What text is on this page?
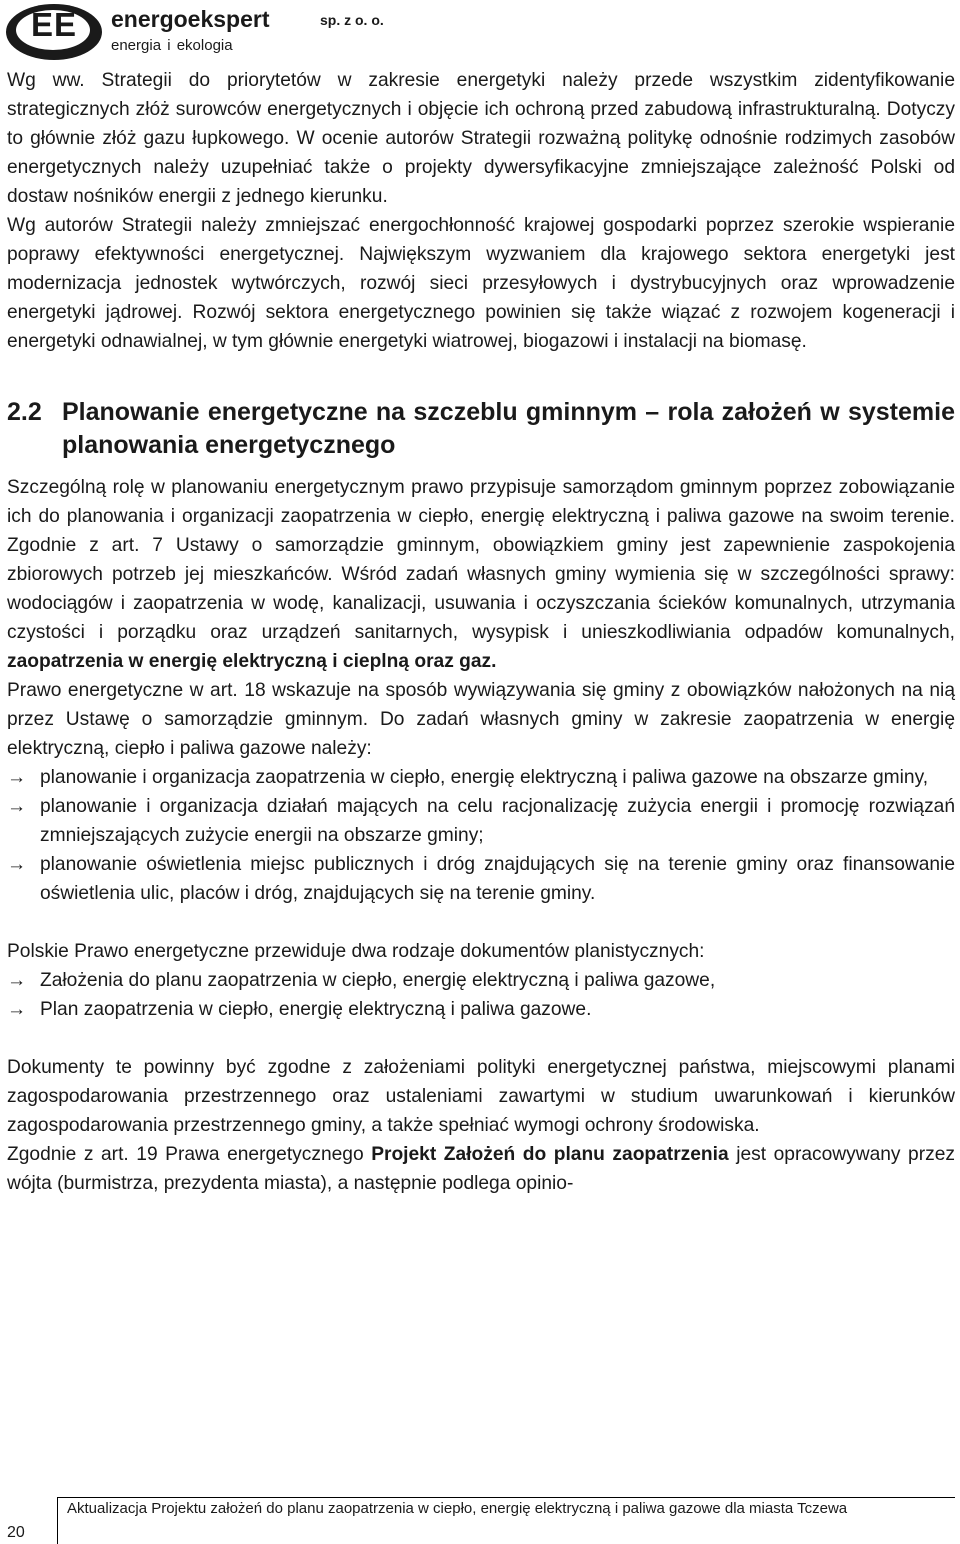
EE	energoekspert	sp. z o. o.
energia i ekologia

Wg ww. Strategii do priorytetów w zakresie energetyki należy przede wszystkim zidentyfikowanie strategicznych złóż surowców energetycznych i objęcie ich ochroną przed zabudową infrastrukturalną. Dotyczy to głównie złóż gazu łupkowego. W ocenie autorów Strategii rozważną politykę odnośnie rodzimych zasobów energetycznych należy uzupełniać także o projekty dywersyfikacyjne zmniejszające zależność Polski od dostaw nośników energii z jednego kierunku.

Wg autorów Strategii należy zmniejszać energochłonność krajowej gospodarki poprzez szerokie wspieranie poprawy efektywności energetycznej. Największym wyzwaniem dla krajowego sektora energetyki jest modernizacja jednostek wytwórczych, rozwój sieci przesyłowych i dystrybucyjnych oraz wprowadzenie energetyki jądrowej. Rozwój sektora energetycznego powinien się także wiązać z rozwojem kogeneracji i energetyki odnawialnej, w tym głównie energetyki wiatrowej, biogazowi i instalacji na biomasę.

2.2 Planowanie energetyczne na szczeblu gminnym – rola założeń w systemie planowania energetycznego

Szczególną rolę w planowaniu energetycznym prawo przypisuje samorządom gminnym poprzez zobowiązanie ich do planowania i organizacji zaopatrzenia w ciepło, energię elektryczną i paliwa gazowe na swoim terenie. Zgodnie z art. 7 Ustawy o samorządzie gminnym, obowiązkiem gminy jest zapewnienie zaspokojenia zbiorowych potrzeb jej mieszkańców. Wśród zadań własnych gminy wymienia się w szczególności sprawy: wodociągów i zaopatrzenia w wodę, kanalizacji, usuwania i oczyszczania ścieków komunalnych, utrzymania czystości i porządku oraz urządzeń sanitarnych, wysypisk i unieszkodliwiania odpadów komunalnych, zaopatrzenia w energię elektryczną i cieplną oraz gaz.

Prawo energetyczne w art. 18 wskazuje na sposób wywiązywania się gminy z obowiązków nałożonych na nią przez Ustawę o samorządzie gminnym. Do zadań własnych gminy w zakresie zaopatrzenia w energię elektryczną, ciepło i paliwa gazowe należy:

→ planowanie i organizacja zaopatrzenia w ciepło, energię elektryczną i paliwa gazowe na obszarze gminy,
→ planowanie i organizacja działań mających na celu racjonalizację zużycia energii i promocję rozwiązań zmniejszających zużycie energii na obszarze gminy;
→ planowanie oświetlenia miejsc publicznych i dróg znajdujących się na terenie gminy oraz finansowanie oświetlenia ulic, placów i dróg, znajdujących się na terenie gminy.

Polskie Prawo energetyczne przewiduje dwa rodzaje dokumentów planistycznych:

→ Założenia do planu zaopatrzenia w ciepło, energię elektryczną i paliwa gazowe,
→ Plan zaopatrzenia w ciepło, energię elektryczną i paliwa gazowe.

Dokumenty te powinny być zgodne z założeniami polityki energetycznej państwa, miejscowymi planami zagospodarowania przestrzennego oraz ustaleniami zawartymi w studium uwarunkowań i kierunków zagospodarowania przestrzennego gminy, a także spełniać wymogi ochrony środowiska.

Zgodnie z art. 19 Prawa energetycznego Projekt Założeń do planu zaopatrzenia jest opracowywany przez wójta (burmistrza, prezydenta miasta), a następnie podlega opinio-

Aktualizacja Projektu założeń do planu zaopatrzenia w ciepło, energię elektryczną i paliwa gazowe dla miasta Tczewa
20
